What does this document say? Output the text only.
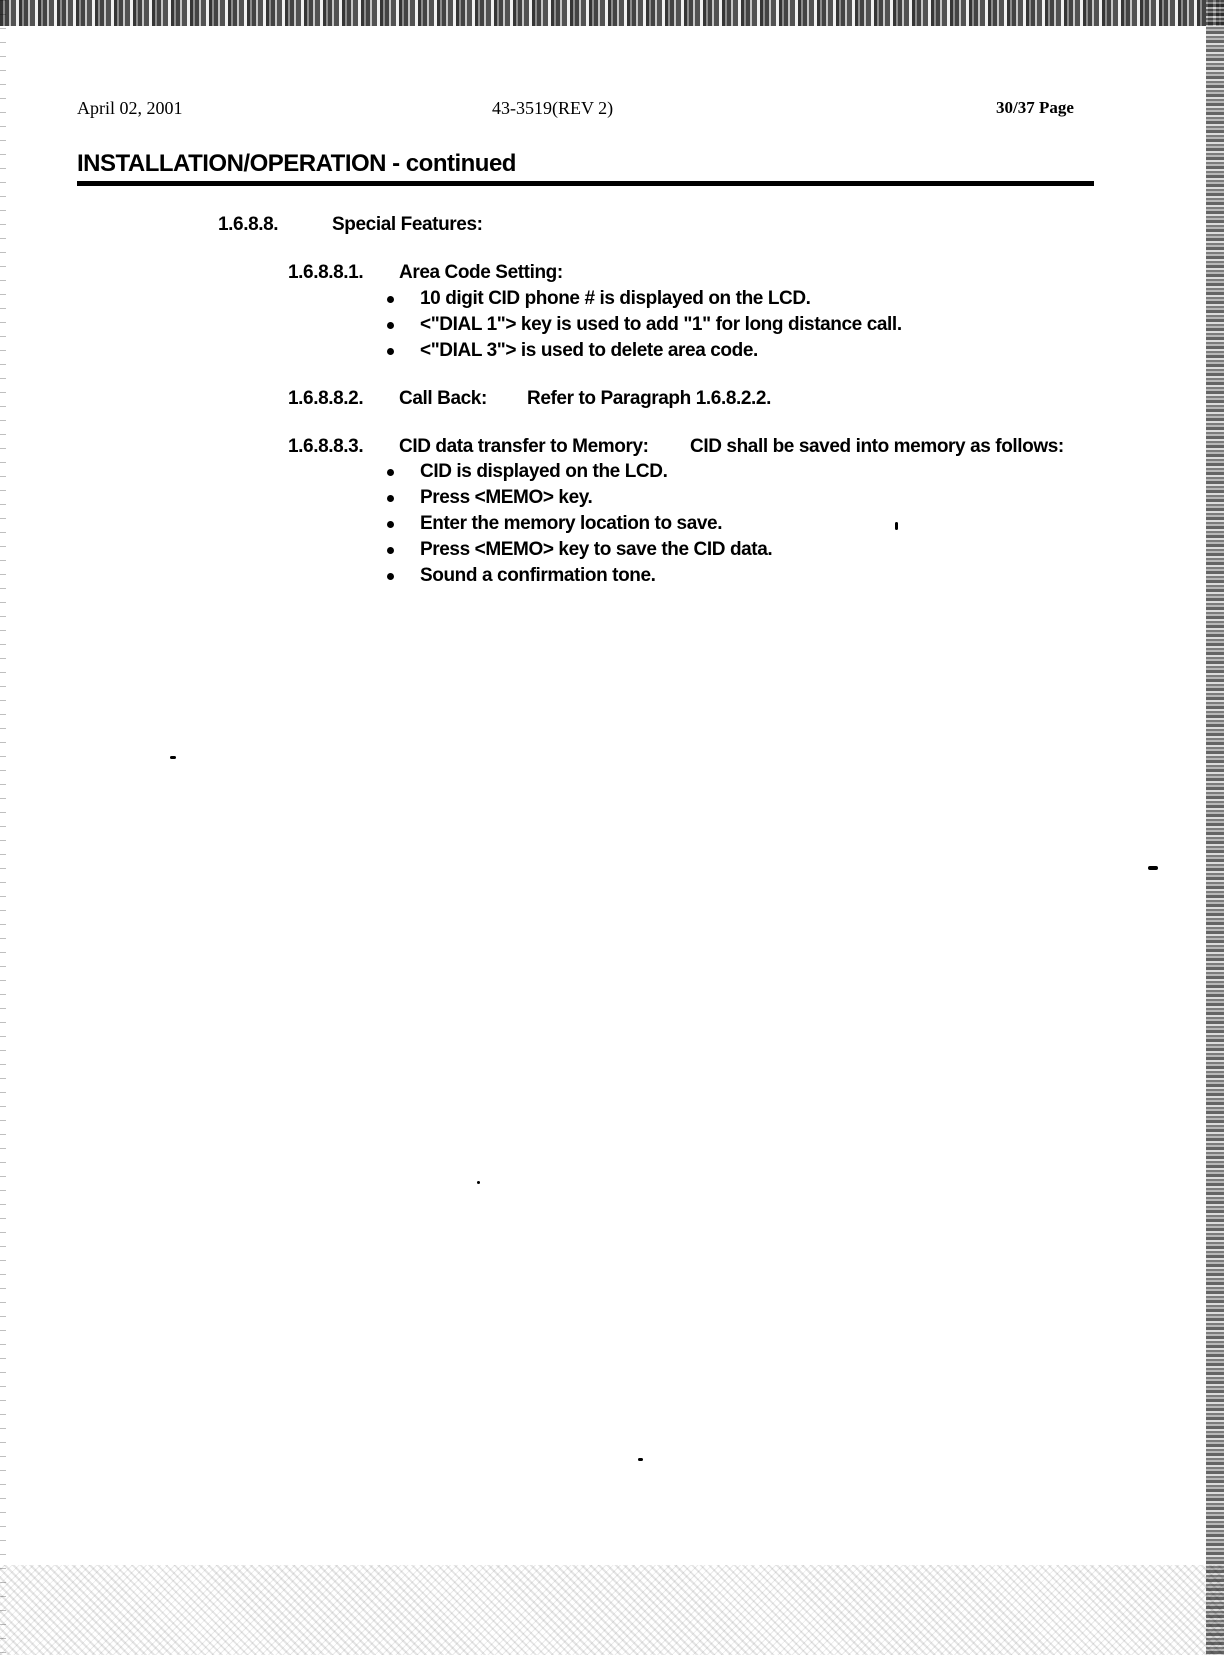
April 02, 2001	43-3519(REV 2)	30/37 Page
INSTALLATION/OPERATION - continued
1.6.8.8.	Special Features:
1.6.8.8.1. Area Code Setting:
10 digit CID phone # is displayed on the LCD.
<"DIAL 1"> key is used to add "1" for long distance call.
<"DIAL 3"> is used to delete area code.
1.6.8.8.2. Call Back: Refer to Paragraph 1.6.8.2.2.
1.6.8.8.3. CID data transfer to Memory: CID shall be saved into memory as follows:
CID is displayed on the LCD.
Press <MEMO> key.
Enter the memory location to save.
Press <MEMO> key to save the CID data.
Sound a confirmation tone.
